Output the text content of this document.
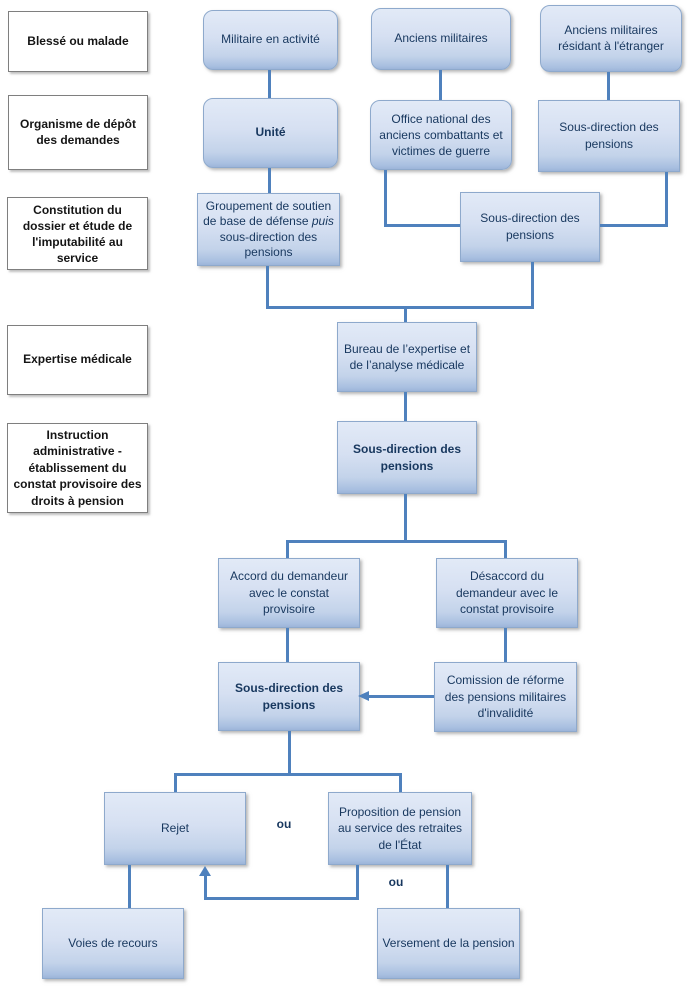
Blessé ou malade
Organisme de dépôt des demandes
Constitution du dossier et étude de l'imputabilité au service
Expertise médicale
Instruction administrative - établissement du constat provisoire des droits à pension
Militaire en activité	Anciens militaires
Anciens militaires résidant à l'étranger
Unité
Office national des anciens combattants et victimes de guerre
Sous-direction des pensions
Groupement de soutien de base de défense puis sous-direction des pensions
Sous-direction des pensions
Bureau de l’expertise et de l’analyse médicale
Sous-direction des pensions
Accord du demandeur avec le constat provisoire
Désaccord du demandeur avec le constat provisoire
Sous-direction des pensions
Comission de réforme des pensions militaires d'invalidité
Rejet
Proposition de pension au service des retraites de l'État
Voies de recours	Versement de la pension
ou
ou
